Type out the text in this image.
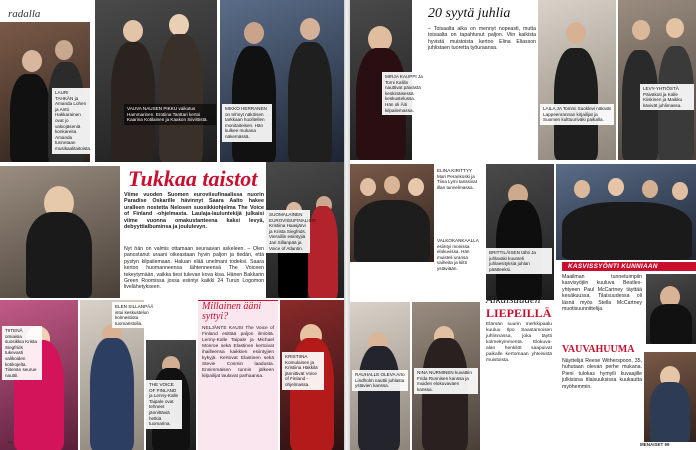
radalla
LAURI TAHKÄN ja Amanda Lohen ja Antti Hakkarainen ovat jo vakiojäseniä konkareita. Amanda tunnetaan musikaalitaitoista.
VAUVA NAUSEN PIKKU vaikutus Hammarinen. Erotiina Tanttari kertoi Kaarina Kotilainen ja Kaakon Siivilöistä.
MIKKO HERRANEN on tehnyt näköisen tarkkaan huolitellen monitaiteisen. Hän kulkee mukana näkemässä.
Tukkaa taistot
Viime vuoden Suomen euroviisufinaalissa nuorin Paradise Oskarille hävinnyt Saara Aalto hakee uralleen nostetta Nelosen suosikkiohjelma The Voice of Finland -ohjelmasta. Laulaja-lauluntekijä julkaisi viime vuonna omakustanteena kaksi levyä, debyyttialbuminsa ja joululevyn.
Nyt hän on valmis ottamaan seuraavan askeleen. – Olen panostanut uraani oikeastaan hyvin paljon ja tiedän, että pystyn kilpailemaan. Haluan elää unelmani todeksi. Saara kertoo huomanneensa lähtenneensä The Voiceen tekeytymään, vaikka tiesi tulevan kova kisa. Hänen Bakkarin Green Roomissa jossa esiintyi kaikki 24 Turun Logomon livelähetykseen.
SUOMALAINEN EUROVIISUFINALISTI Kristiina Haasjärvi ja Krista Siegfrids. Vieraillin esiintyjiä Jari Sillanpää ja Voice of Atlantin.
TIITENÄ omiaisia suosikkia Krista Siegfrids tukevasti valikoiden kotikojelta. Tiitenän seurue nauttii.
ELEN SILLANPÄÄ istui keskustelun kolmestiota tuomaristolla.
THE VOICE OF FINLAND ja Lenny-Kalle Taipale ovat tehneet jännittäviä hetkiä tuomarina.
Millainen ääni syttyi?
NELJÄNTE KAUSI The Voice of Finland esittää paljon ilmiöitä. Lenny-Kalle Taipale ja Michael Monroe sekä Elastinen kertoivat ihailleensa kaikkien esiintyjien kykyjä. Kertovat Elastinen sekä Stevie Cosmin laadusta. Ensimmäisen tunnin jälkeen kilpailijat laulavat parhaansa.
KRISTIINA Komulainen ja Kristiina Häkkilä jännittivät Voice of Finland -ohjelmassa.
98
MIRJA KAUPPI Ja Tomi Kalilin nauttivat päivästä keskinäisessä keskustelussa. Hän oli Äiti kilpailemassa.
20 syytä juhlia
– Toisaalta aika on mennyt nopeasti, mutta toisaalta on tapahtunut paljon. Viin kaikista hyvistä muistoista kertoo Elina Eliasson juhlistaen tuoretta työuraansa.
LAILA JA Tommi Suoklevi näkivät Lappeenrannan kirjailijat ja Suomen kulttuuriväki paikalla.
LEVY-YHTIÖSTÄ Päiväkoti ja Kalle Kiiskinen ja Maikku kävivät juhlimassa.
ELINA KIRITTYY Mari Perankoski ja Tiina Lymi tanssivat illan tunnelmassa.
VALKOKANKAALLA esiintyi monissa elokuvissa. Hän muisteli uransa vaiheita ja kiitti ystäviään.
BRITTILÄISEN tähti Ja juhlaväki kuunteli juhlaesityksiä juhlan päätteeksi.
RAUHALLE OLEVA Arto Lindholm nauttii juhlasta ystävien kanssa.
NINA NURMINEN kuvattiin Frida Runnisen kanssa ja muiden elokuvaväen kanssa.
Aikuisuuden
LIEPEILLÄ
Elämän suurin merkkipaalu kuuluu Ilpo Saastamoisen juhlinnassa, joka täytti kolmekymmentä. Elokuva-alan henkilöt saapuivat paikalle kertomaan yhteisistä muistoista.
KASVISSYÖNTI KUNNIAAN
Maailman tunnetuimpiin kasvisyöjiin kuuluva Beatles-yhtyeen Paul McCartney täyttää kesäkuussa. Tilaisuudessa oli läsnä myös Stella McCartney muotisuunnittelija.
VAUVAHUUMA
Näyttelijä Reese Witherspoon, 35, huhutaan olevan perhe mukana. Pieni tulokas hymyili kuvaajille julkisissa tilaisuuksissa kuukautta myöhemmin.
MENAISET 99
